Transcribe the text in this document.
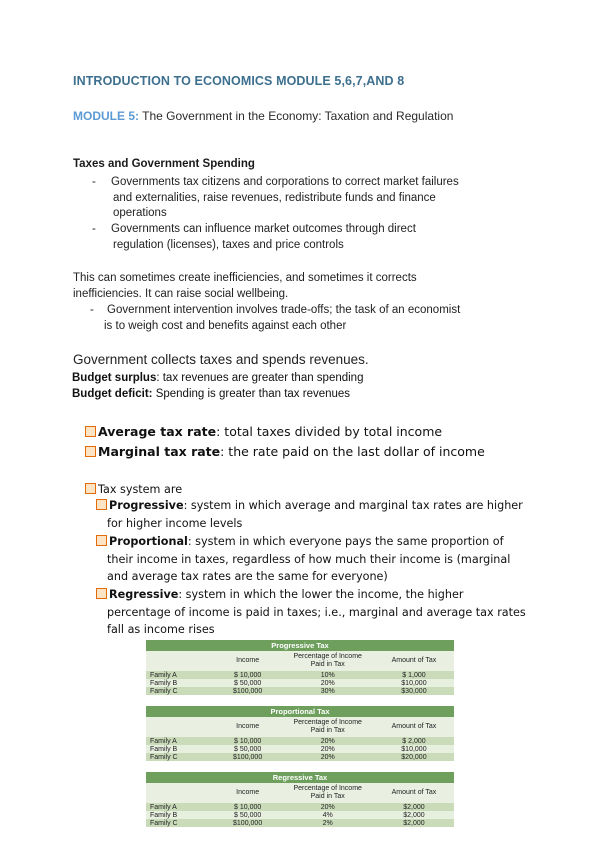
INTRODUCTION TO ECONOMICS MODULE 5,6,7,AND 8
MODULE 5: The Government in the Economy: Taxation and Regulation
Taxes and Government Spending
- Governments tax citizens and corporations to correct market failures
and externalities, raise revenues, redistribute funds and finance
operations
- Governments can influence market outcomes through direct
regulation (licenses), taxes and price controls
This can sometimes create inefficiencies, and sometimes it corrects
inefficiencies. It can raise social wellbeing.
- Government intervention involves trade-offs; the task of an economist
is to weigh cost and benefits against each other
Government collects taxes and spends revenues.
Budget surplus: tax revenues are greater than spending
Budget deficit: Spending is greater than tax revenues
Average tax rate: total taxes divided by total income
Marginal tax rate: the rate paid on the last dollar of income
Tax system are
Progressive: system in which average and marginal tax rates are higher
for higher income levels
Proportional: system in which everyone pays the same proportion of
their income in taxes, regardless of how much their income is (marginal
and average tax rates are the same for everyone)
Regressive: system in which the lower the income, the higher
percentage of income is paid in taxes; i.e., marginal and average tax rates
fall as income rises
Progressive Tax			
	Income	Percentage of Income Paid in Tax	Amount of Tax
Family A	$ 10,000	10%	$ 1,000
Family B	$ 50,000	20%	$10,000
Family C	$100,000	30%	$30,000
Proportional Tax			
	Income	Percentage of Income Paid in Tax	Amount of Tax
Family A	$ 10,000	20%	$ 2,000
Family B	$ 50,000	20%	$10,000
Family C	$100,000	20%	$20,000
Regressive Tax			
	Income	Percentage of Income Paid in Tax	Amount of Tax
Family A	$ 10,000	20%	$2,000
Family B	$ 50,000	4%	$2,000
Family C	$100,000	2%	$2,000
